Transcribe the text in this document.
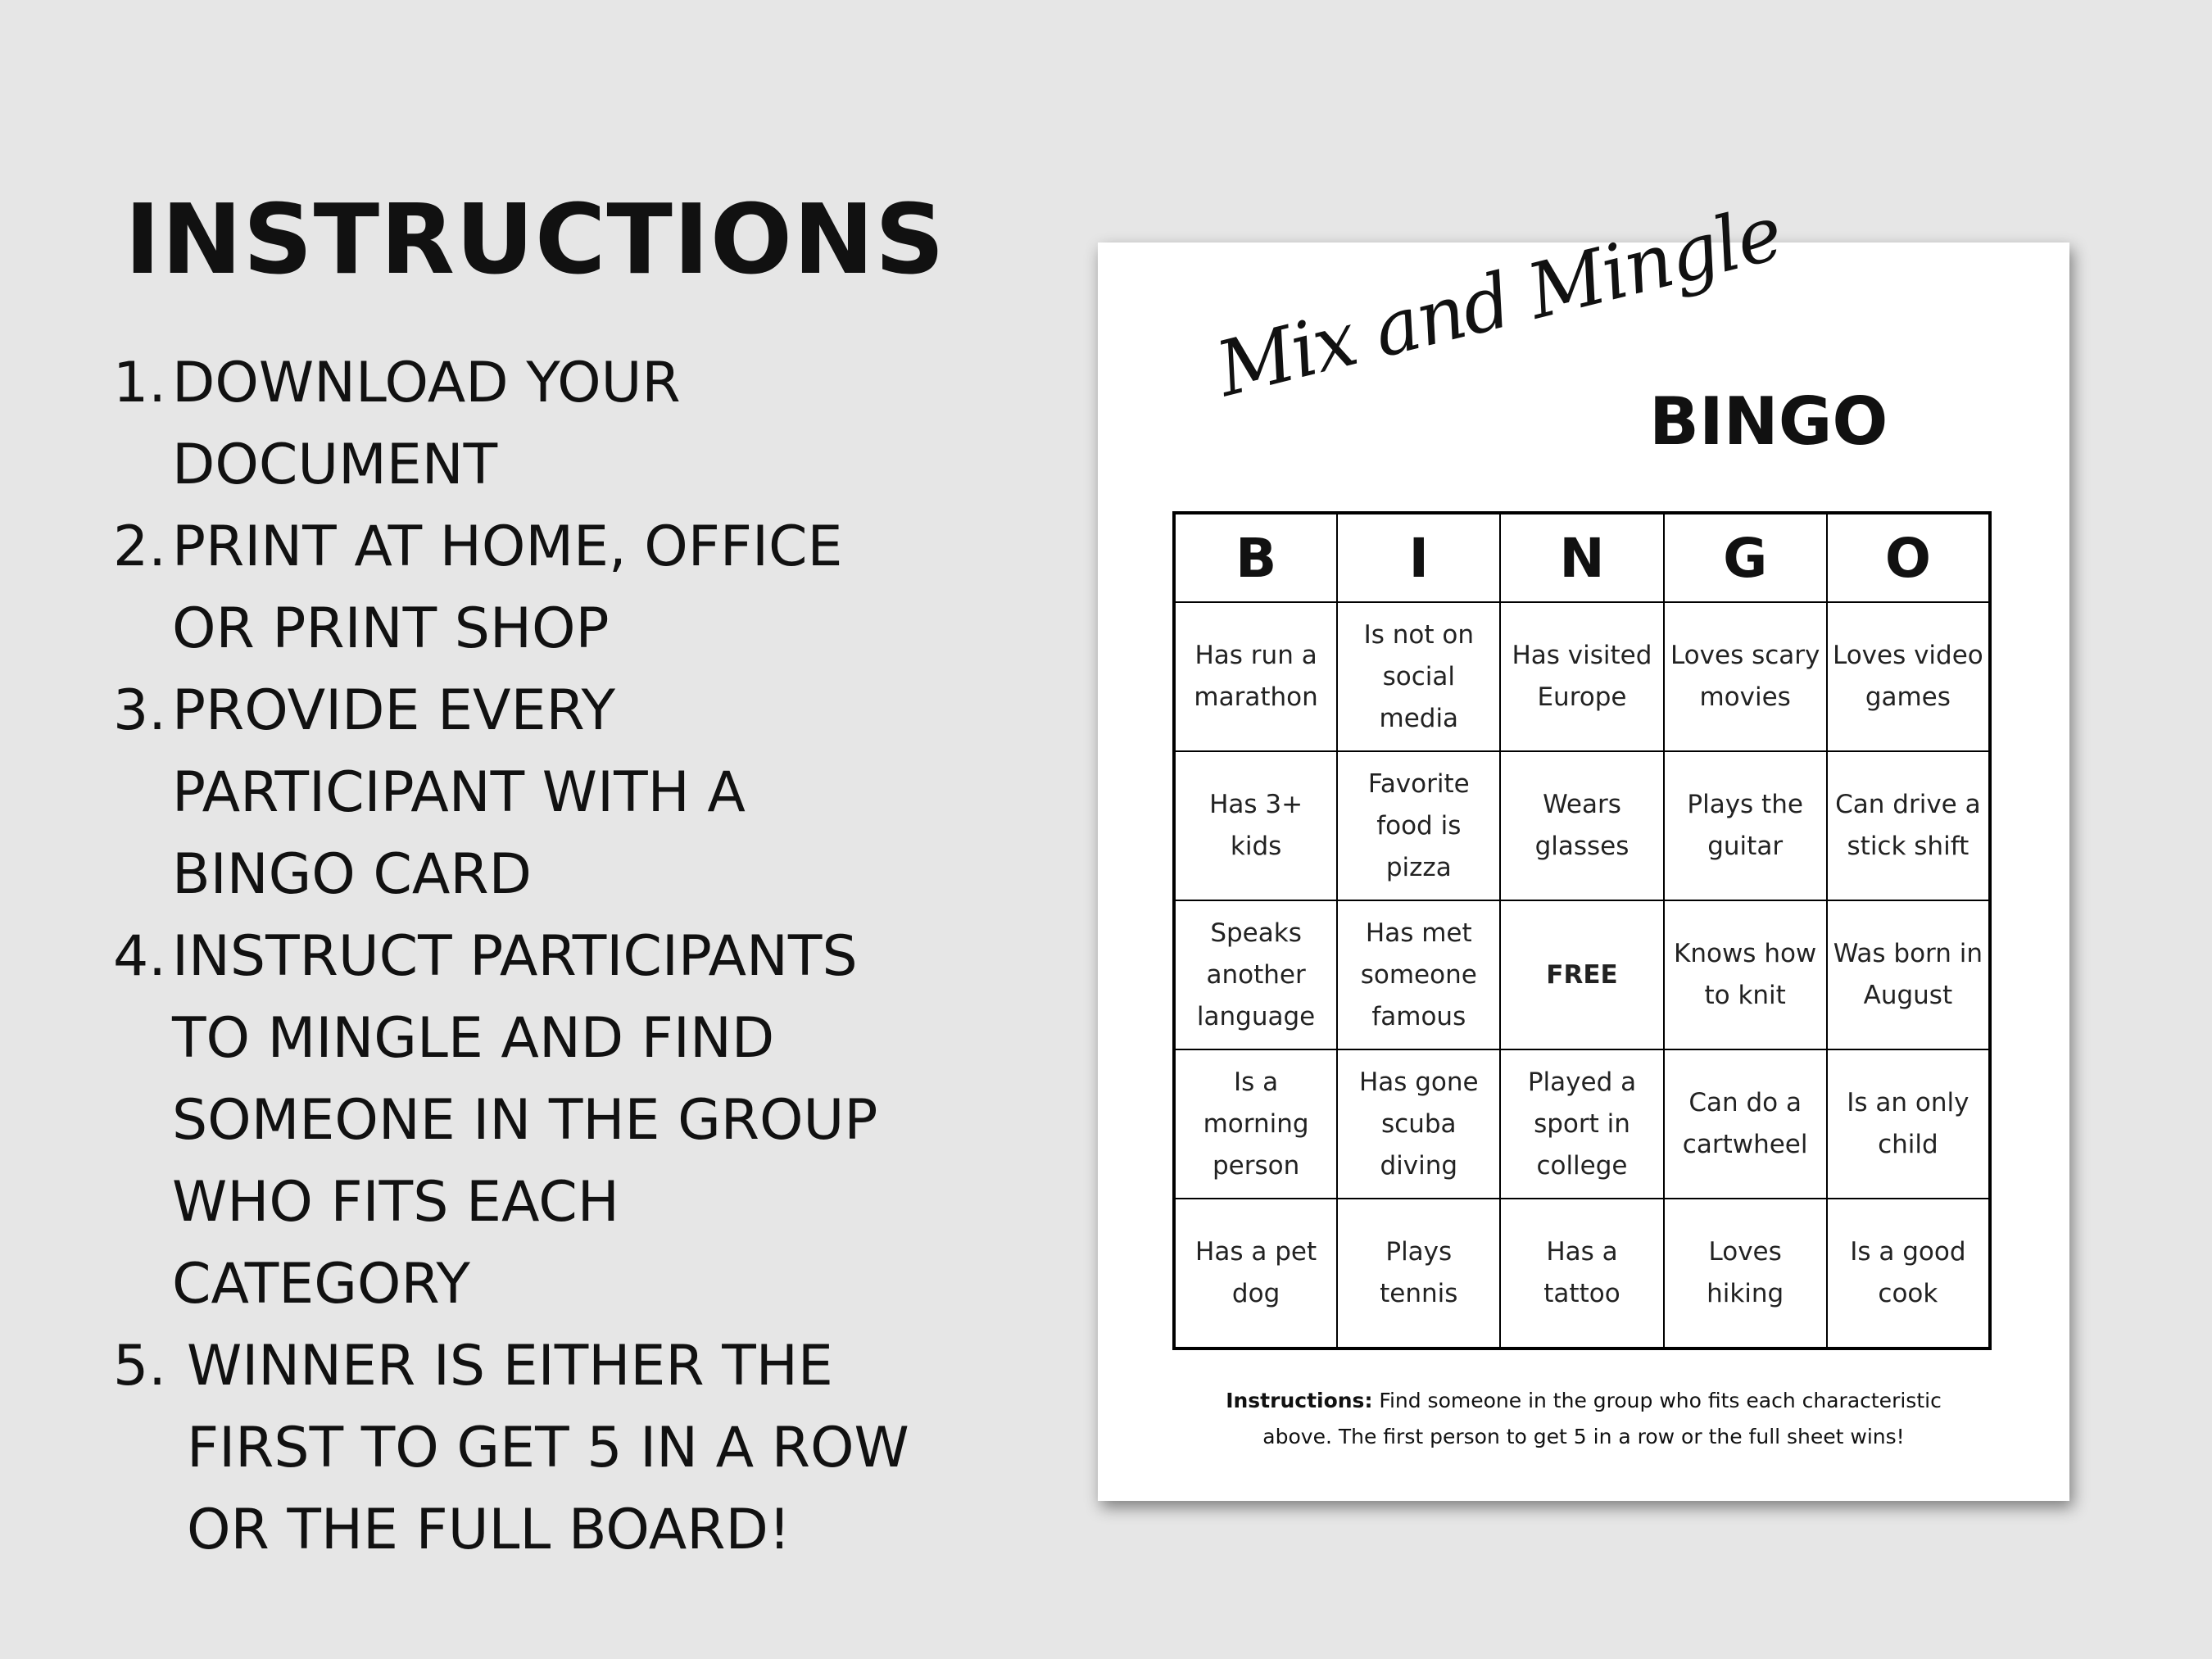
INSTRUCTIONS
1. DOWNLOAD YOUR
DOCUMENT
2. PRINT AT HOME, OFFICE
OR PRINT SHOP
3. PROVIDE EVERY
PARTICIPANT WITH A
BINGO CARD
4. INSTRUCT PARTICIPANTS
TO MINGLE AND FIND
SOMEONE IN THE GROUP
WHO FITS EACH
CATEGORY
5. WINNER IS EITHER THE
FIRST TO GET 5 IN A ROW
OR THE FULL BOARD!
Mix and Mingle
BINGO
B	I	N	G	O
Has run a
marathon	Is not on
social
media	Has visited
Europe	Loves scary
movies	Loves video
games
Has 3+ kids	Favorite
food is
pizza	Wears
glasses	Plays the
guitar	Can drive a
stick shift
Speaks
another
language	Has met
someone
famous	FREE	Knows how
to knit	Was born in
August
Is a
morning
person	Has gone
scuba
diving	Played a
sport in
college	Can do a
cartwheel	Is an only
child
Has a pet
dog	Plays tennis	Has a
tattoo	Loves
hiking	Is a good
cook
Instructions: Find someone in the group who fits each characteristic
above. The first person to get 5 in a row or the full sheet wins!
